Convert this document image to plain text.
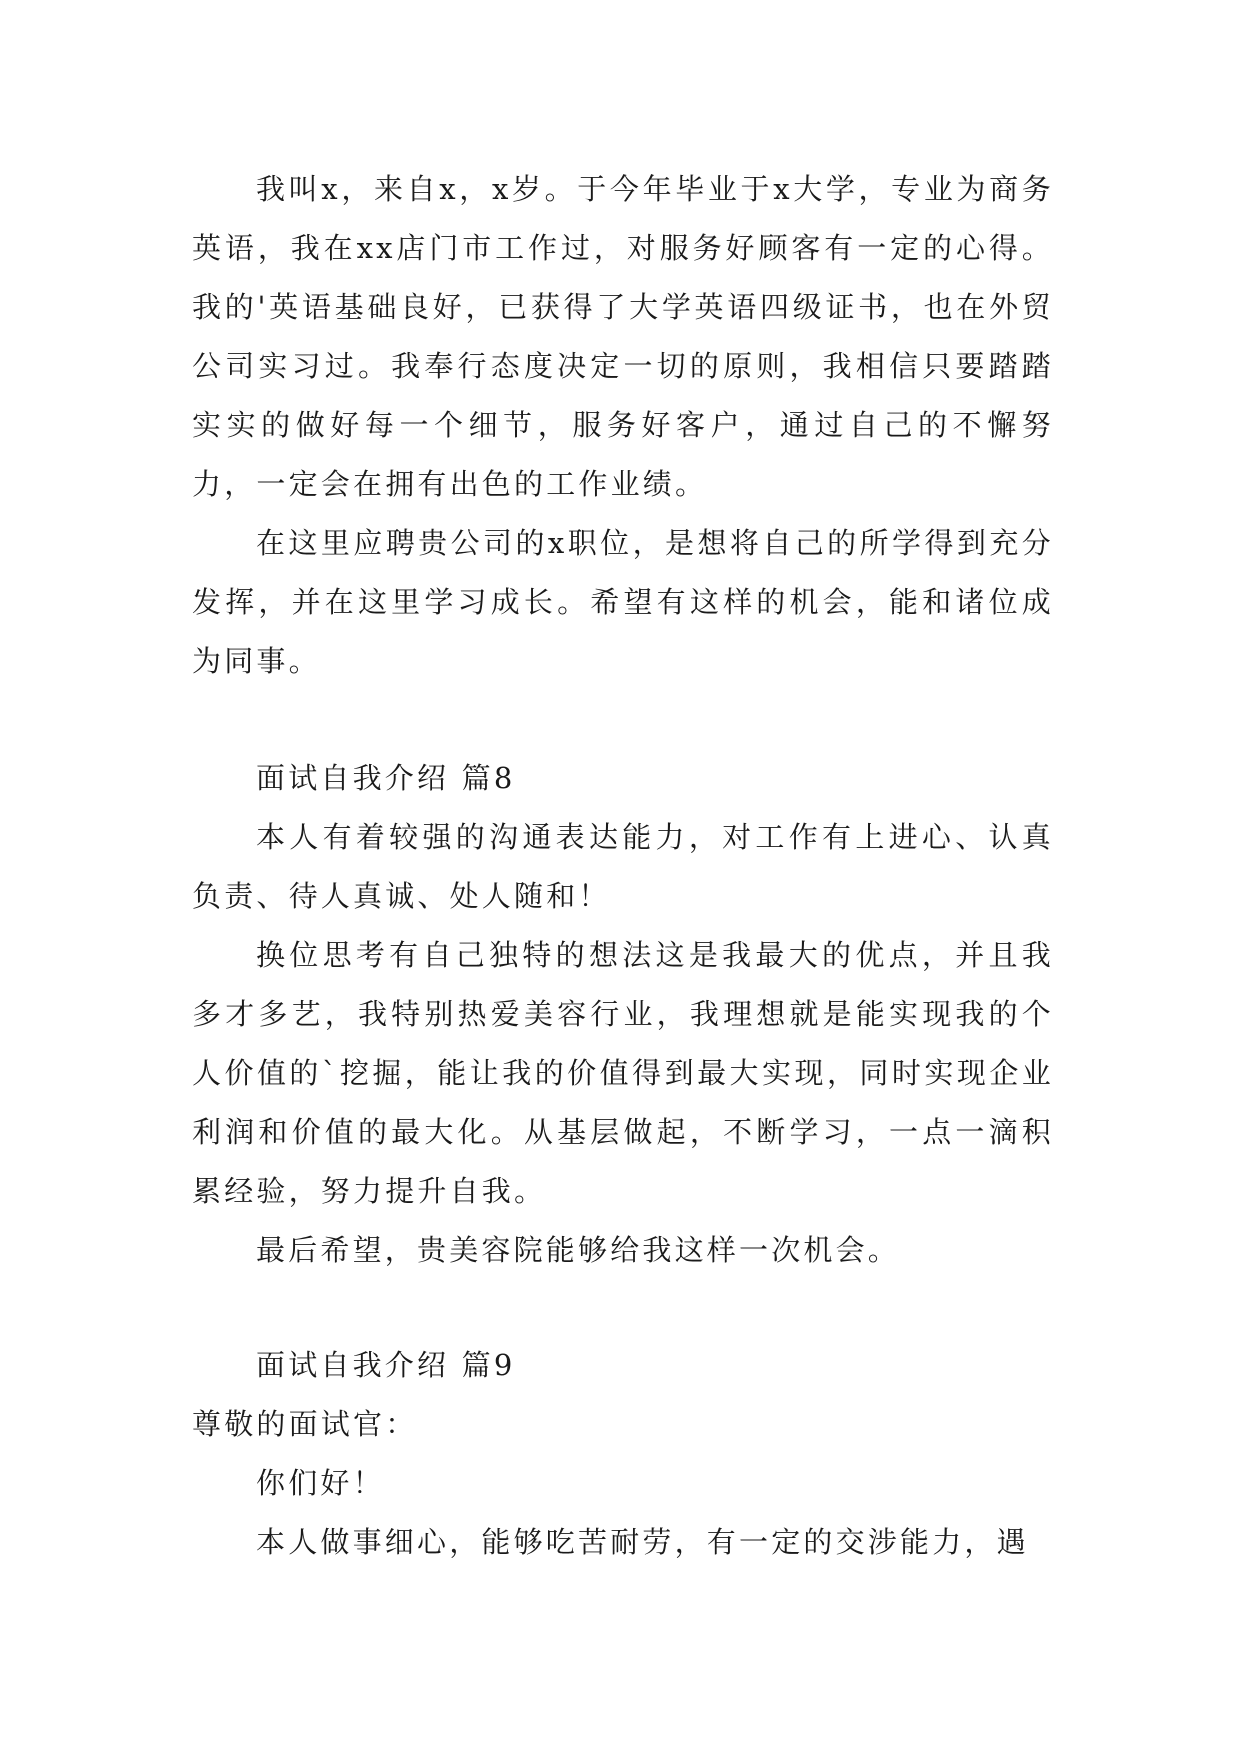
我叫x，来自x，x岁。于今年毕业于x大学，专业为商务英语，我在xx店门市工作过，对服务好顾客有一定的心得。我的'英语基础良好，已获得了大学英语四级证书，也在外贸公司实习过。我奉行态度决定一切的原则，我相信只要踏踏实实的做好每一个细节，服务好客户，通过自己的不懈努力，一定会在拥有出色的工作业绩。

在这里应聘贵公司的x职位，是想将自己的所学得到充分发挥，并在这里学习成长。希望有这样的机会，能和诸位成为同事。

面试自我介绍 篇8

本人有着较强的沟通表达能力，对工作有上进心、认真负责、待人真诚、处人随和！

换位思考有自己独特的想法这是我最大的优点，并且我多才多艺，我特别热爱美容行业，我理想就是能实现我的个人价值的`挖掘，能让我的价值得到最大实现，同时实现企业利润和价值的最大化。从基层做起，不断学习，一点一滴积累经验，努力提升自我。

最后希望，贵美容院能够给我这样一次机会。

面试自我介绍 篇9

尊敬的面试官：

你们好！

本人做事细心，能够吃苦耐劳，有一定的交涉能力，遇
